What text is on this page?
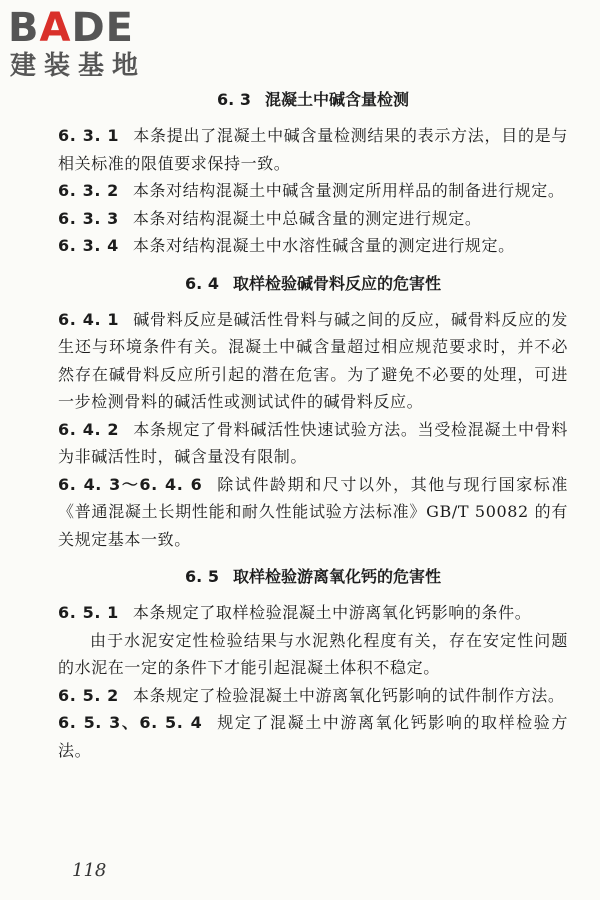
BADE
建装基地
6. 3 混凝土中碱含量检测

6. 3. 1 本条提出了混凝土中碱含量检测结果的表示方法，目的是与相关标准的限值要求保持一致。

6. 3. 2 本条对结构混凝土中碱含量测定所用样品的制备进行规定。

6. 3. 3 本条对结构混凝土中总碱含量的测定进行规定。

6. 3. 4 本条对结构混凝土中水溶性碱含量的测定进行规定。

6. 4 取样检验碱骨料反应的危害性

6. 4. 1 碱骨料反应是碱活性骨料与碱之间的反应，碱骨料反应的发生还与环境条件有关。混凝土中碱含量超过相应规范要求时，并不必然存在碱骨料反应所引起的潜在危害。为了避免不必要的处理，可进一步检测骨料的碱活性或测试试件的碱骨料反应。

6. 4. 2 本条规定了骨料碱活性快速试验方法。当受检混凝土中骨料为非碱活性时，碱含量没有限制。

6. 4. 3～6. 4. 6 除试件龄期和尺寸以外，其他与现行国家标准《普通混凝土长期性能和耐久性能试验方法标准》GB/T 50082 的有关规定基本一致。

6. 5 取样检验游离氧化钙的危害性

6. 5. 1 本条规定了取样检验混凝土中游离氧化钙影响的条件。

由于水泥安定性检验结果与水泥熟化程度有关，存在安定性问题的水泥在一定的条件下才能引起混凝土体积不稳定。

6. 5. 2 本条规定了检验混凝土中游离氧化钙影响的试件制作方法。

6. 5. 3、6. 5. 4 规定了混凝土中游离氧化钙影响的取样检验方法。

118
